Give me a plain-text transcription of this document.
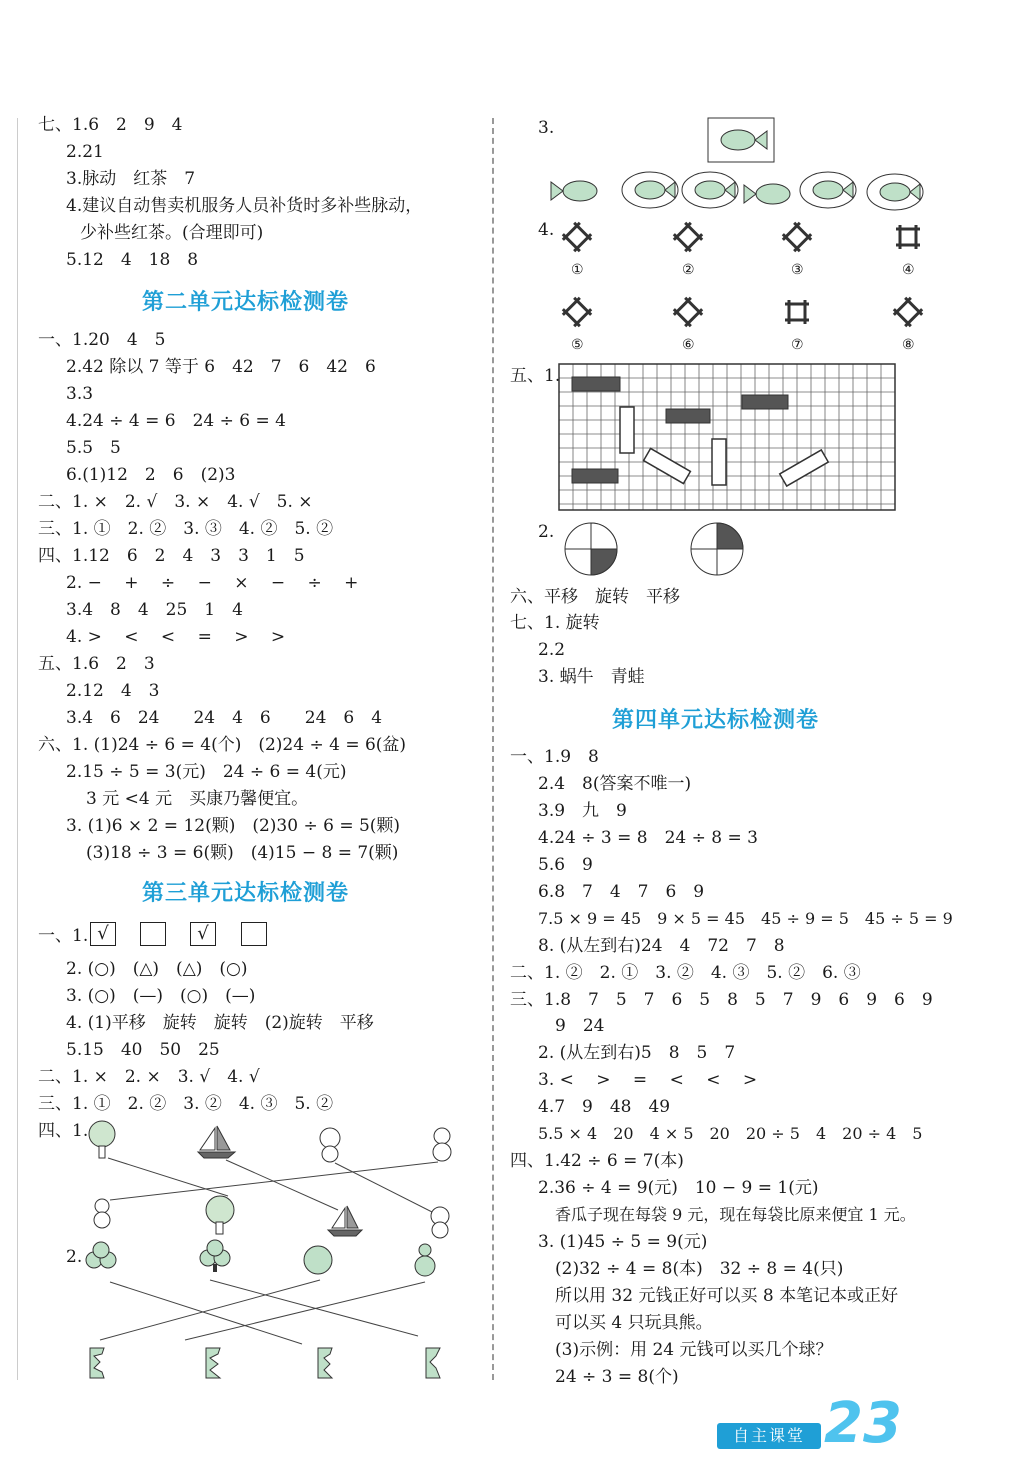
七、1.6　2　9　4
2.21
3.脉动　红茶　7
4.建议自动售卖机服务人员补货时多补些脉动，
少补些红茶。(合理即可)
5.12　4　18　8
第二单元达标检测卷
一、1.20　4　5
2.42 除以 7 等于 6　42　7　6　42　6
3.3
4.24 ÷ 4 = 6　24 ÷ 6 = 4
5.5　5
6.(1)12　2　6　(2)3
二、1. ×　2. √　3. ×　4. √　5. ×
三、1. ①　2. ②　3. ③　4. ②　5. ②
四、1.12　6　2　4　3　3　1　5
2. −　 +　 ÷　 −　 ×　 −　 ÷　 +
3.4　8　4　25　1　4
4. >　 <　 <　 =　 >　 >
五、1.6　2　3
2.12　4　3
3.4　6　24　　24　4　6　　24　6　4
六、1. (1)24 ÷ 6 = 4(个)　(2)24 ÷ 4 = 6(盆)
2.15 ÷ 5 = 3(元)　24 ÷ 6 = 4(元)
3 元 <4 元　买康乃馨便宜。
3. (1)6 × 2 = 12(颗)　(2)30 ÷ 6 = 5(颗)
(3)18 ÷ 3 = 6(颗)　(4)15 − 8 = 7(颗)
第三单元达标检测卷
一、1. √	√
2. (○)　(△)　(△)　(○)
3. (○)　(—)　(○)　(—)
4. (1)平移　旋转　旋转　(2)旋转　平移
5.15　40　50　25
二、1. ×　2. ×　3. √　4. √
三、1. ①　2. ②　3. ②　4. ③　5. ②
四、1.
2.
3.
4.
①	②	③	④
⑤	⑥	⑦	⑧
五、1.
2.
六、平移　旋转　平移
七、1. 旋转
2.2
3. 蜗牛　青蛙
第四单元达标检测卷
一、1.9　8
2.4　8(答案不唯一)
3.9　九　9
4.24 ÷ 3 = 8　24 ÷ 8 = 3
5.6　9
6.8　7　4　7　6　9
7.5 × 9 = 45　9 × 5 = 45　45 ÷ 9 = 5　45 ÷ 5 = 9
8. (从左到右)24　4　72　7　8
二、1. ②　2. ①　3. ②　4. ③　5. ②　6. ③
三、1.8　7　5　7　6　5　8　5　7　9　6　9　6　9
9　24
2. (从左到右)5　8　5　7
3. <　 >　 =　 <　 <　 >
4.7　9　48　49
5.5 × 4　20　4 × 5　20　20 ÷ 5　4　20 ÷ 4　5
四、1.42 ÷ 6 = 7(本)
2.36 ÷ 4 = 9(元)　10 − 9 = 1(元)
香瓜子现在每袋 9 元，现在每袋比原来便宜 1 元。
3. (1)45 ÷ 5 = 9(元)
(2)32 ÷ 4 = 8(本)　32 ÷ 8 = 4(只)
所以用 32 元钱正好可以买 8 本笔记本或正好
可以买 4 只玩具熊。
(3)示例：用 24 元钱可以买几个球？
24 ÷ 3 = 8(个)
自主课堂 23
